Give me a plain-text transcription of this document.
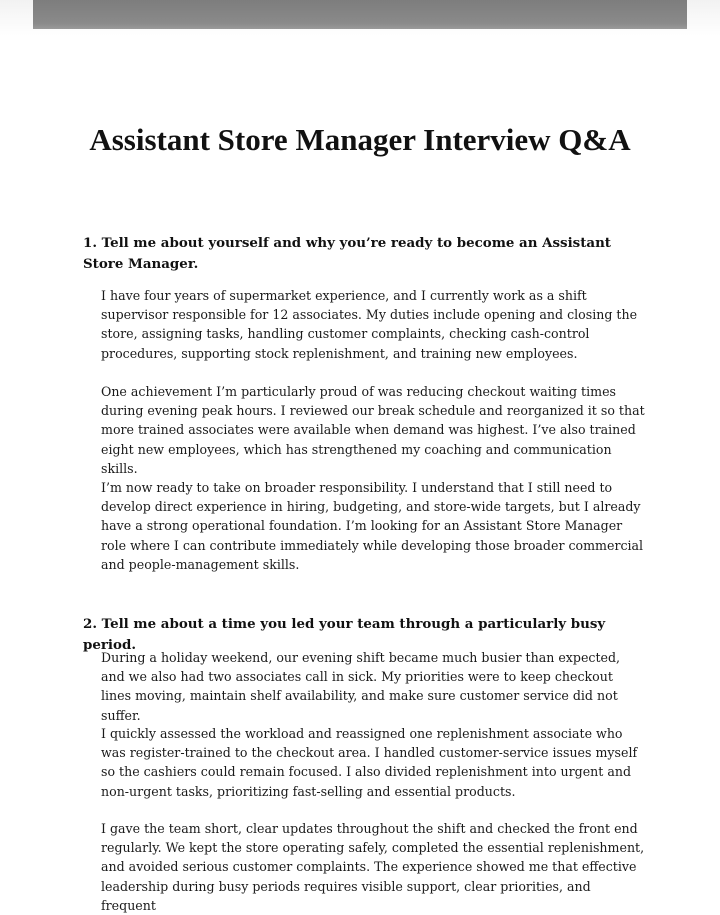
Assistant Store Manager Interview Q&A

1. Tell me about yourself and why you’re ready to become an Assistant Store Manager.

I have four years of supermarket experience, and I currently work as a shift supervisor responsible for 12 associates. My duties include opening and closing the store, assigning tasks, handling customer complaints, checking cash-control procedures, supporting stock replenishment, and training new employees.

One achievement I’m particularly proud of was reducing checkout waiting times during evening peak hours. I reviewed our break schedule and reorganized it so that more trained associates were available when demand was highest. I’ve also trained eight new employees, which has strengthened my coaching and communication skills.

I’m now ready to take on broader responsibility. I understand that I still need to develop direct experience in hiring, budgeting, and store-wide targets, but I already have a strong operational foundation. I’m looking for an Assistant Store Manager role where I can contribute immediately while developing those broader commercial and people-management skills.

2. Tell me about a time you led your team through a particularly busy period.

During a holiday weekend, our evening shift became much busier than expected, and we also had two associates call in sick. My priorities were to keep checkout lines moving, maintain shelf availability, and make sure customer service did not suffer.

I quickly assessed the workload and reassigned one replenishment associate who was register-trained to the checkout area. I handled customer-service issues myself so the cashiers could remain focused. I also divided replenishment into urgent and non-urgent tasks, prioritizing fast-selling and essential products.

I gave the team short, clear updates throughout the shift and checked the front end regularly. We kept the store operating safely, completed the essential replenishment, and avoided serious customer complaints. The experience showed me that effective leadership during busy periods requires visible support, clear priorities, and frequent
